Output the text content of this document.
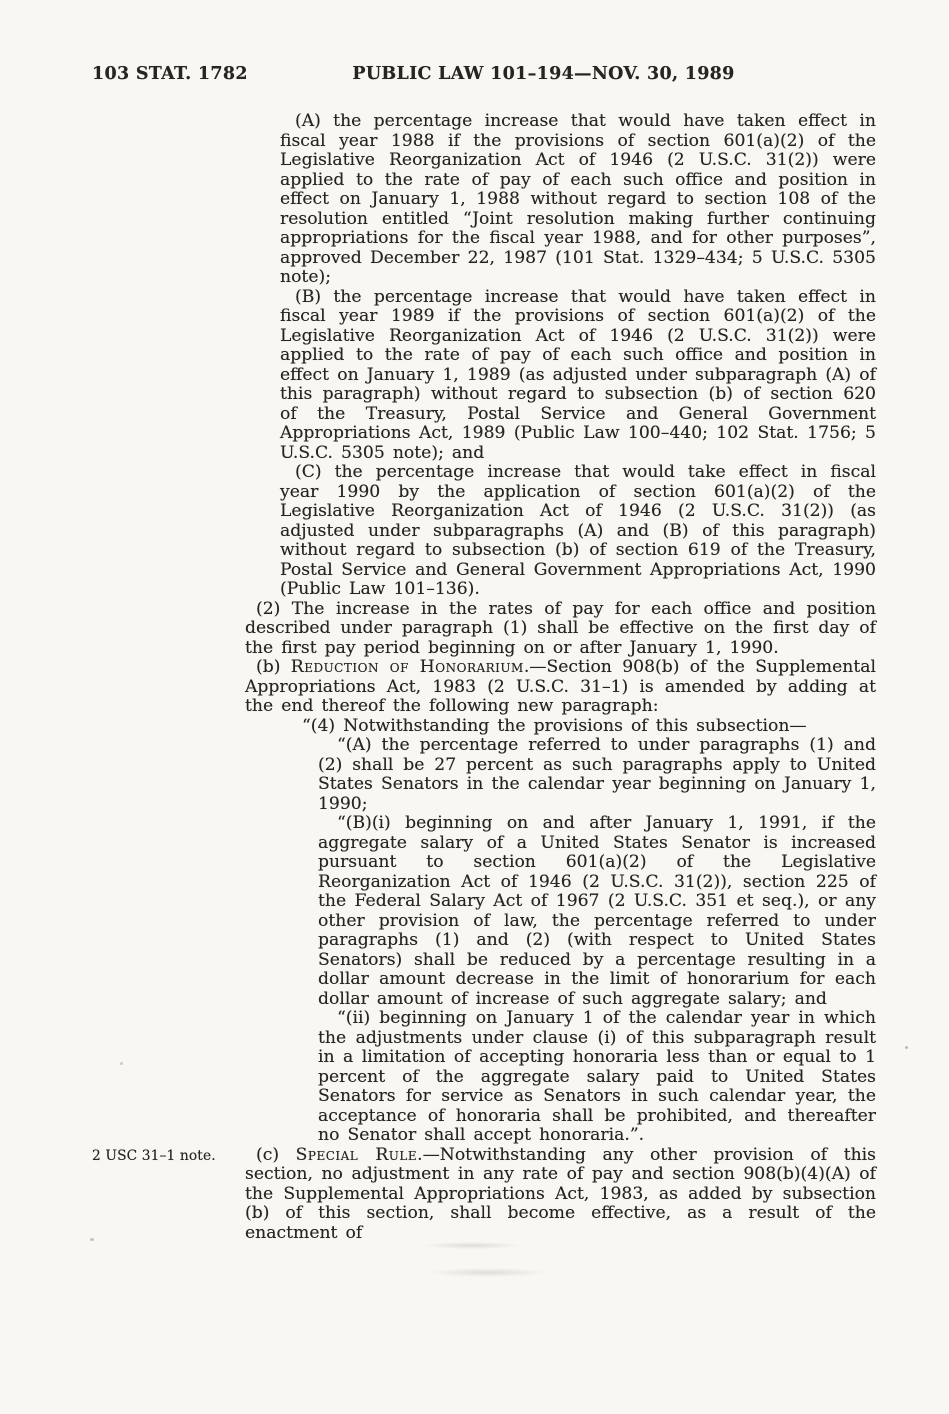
103 STAT. 1782	PUBLIC LAW 101–194—NOV. 30, 1989

(A) the percentage increase that would have taken effect in fiscal year 1988 if the provisions of section 601(a)(2) of the Legislative Reorganization Act of 1946 (2 U.S.C. 31(2)) were applied to the rate of pay of each such office and position in effect on January 1, 1988 without regard to section 108 of the resolution entitled “Joint resolution making further continuing appropriations for the fiscal year 1988, and for other purposes”, approved December 22, 1987 (101 Stat. 1329–434; 5 U.S.C. 5305 note);

(B) the percentage increase that would have taken effect in fiscal year 1989 if the provisions of section 601(a)(2) of the Legislative Reorganization Act of 1946 (2 U.S.C. 31(2)) were applied to the rate of pay of each such office and position in effect on January 1, 1989 (as adjusted under subparagraph (A) of this paragraph) without regard to subsection (b) of section 620 of the Treasury, Postal Service and General Government Appropriations Act, 1989 (Public Law 100–440; 102 Stat. 1756; 5 U.S.C. 5305 note); and

(C) the percentage increase that would take effect in fiscal year 1990 by the application of section 601(a)(2) of the Legislative Reorganization Act of 1946 (2 U.S.C. 31(2)) (as adjusted under subparagraphs (A) and (B) of this paragraph) without regard to subsection (b) of section 619 of the Treasury, Postal Service and General Government Appropriations Act, 1990 (Public Law 101–136).

(2) The increase in the rates of pay for each office and position described under paragraph (1) shall be effective on the first day of the first pay period beginning on or after January 1, 1990.

(b) Reduction of Honorarium.—Section 908(b) of the Supplemental Appropriations Act, 1983 (2 U.S.C. 31–1) is amended by adding at the end thereof the following new paragraph:

“(4) Notwithstanding the provisions of this subsection—

“(A) the percentage referred to under paragraphs (1) and (2) shall be 27 percent as such paragraphs apply to United States Senators in the calendar year beginning on January 1, 1990;

“(B)(i) beginning on and after January 1, 1991, if the aggregate salary of a United States Senator is increased pursuant to section 601(a)(2) of the Legislative Reorganization Act of 1946 (2 U.S.C. 31(2)), section 225 of the Federal Salary Act of 1967 (2 U.S.C. 351 et seq.), or any other provision of law, the percentage referred to under paragraphs (1) and (2) (with respect to United States Senators) shall be reduced by a percentage resulting in a dollar amount decrease in the limit of honorarium for each dollar amount of increase of such aggregate salary; and

“(ii) beginning on January 1 of the calendar year in which the adjustments under clause (i) of this subparagraph result in a limitation of accepting honoraria less than or equal to 1 percent of the aggregate salary paid to United States Senators for service as Senators in such calendar year, the acceptance of honoraria shall be prohibited, and thereafter no Senator shall accept honoraria.”.

(c) Special Rule.—Notwithstanding any other provision of this section, no adjustment in any rate of pay and section 908(b)(4)(A) of the Supplemental Appropriations Act, 1983, as added by subsection (b) of this section, shall become effective, as a result of the enactment of
2 USC 31–1 note.
